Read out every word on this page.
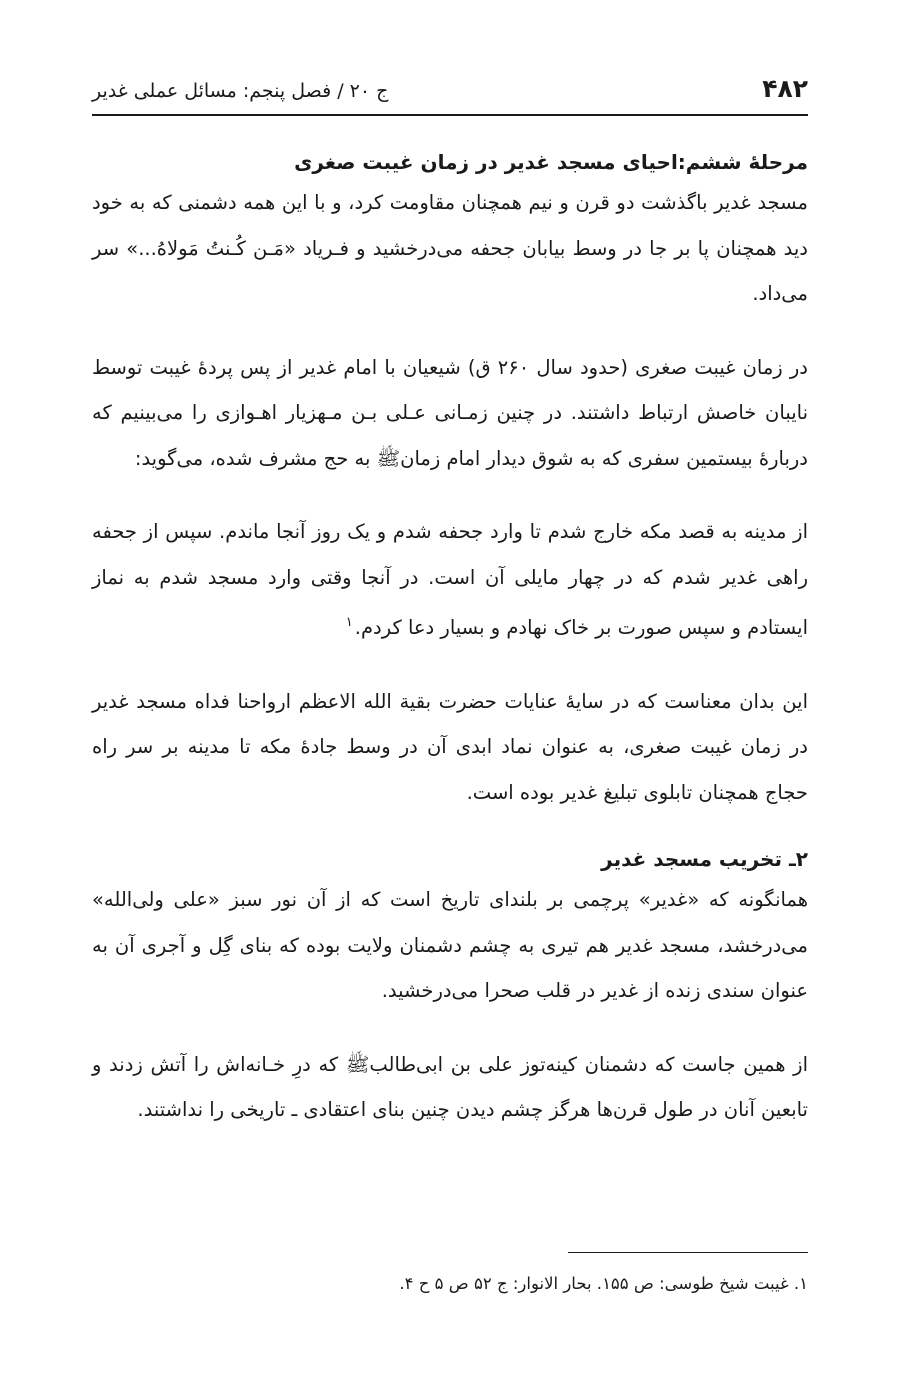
۴۸۲
ج ۲۰ / فصل پنجم: مسائل عملی غدیر
مرحلهٔ ششم:احیای مسجد غدیر در زمان غیبت صغری

مسجد غدیر باگذشت دو قرن و نیم همچنان مقاومت کرد، و با این همه دشمنی که به خود دید همچنان پا بر جا در وسط بیابان جحفه می‌درخشید و فـریاد «مَـن کُـنتُ مَولاهُ...» سر می‌داد.

در زمان غیبت صغری (حدود سال ۲۶۰ ق) شیعیان با امام غدیر از پس پردهٔ غیبت توسط نایبان خاصش ارتباط داشتند. در چنین زمـانی عـلی بـن مـهزیار اهـوازی را می‌بینیم که دربارهٔ بیستمین سفری که به شوق دیدار امام زمان‌ﷺ به حج مشرف شده، می‌گوید:

از مدینه به قصد مکه خارج شدم تا وارد جحفه شدم و یک روز آنجا ماندم. سپس از جحفه راهی غدیر شدم که در چهار مایلی آن است. در آنجا وقتی وارد مسجد شدم به نماز ایستادم و سپس صورت بر خاک نهادم و بسیار دعا کردم.$^۱$

این بدان معناست که در سایهٔ عنایات حضرت بقیة الله الاعظم ارواحنا فداه مسجد غدیر در زمان غیبت صغری، به عنوان نماد ابدی آن در وسط جادهٔ مکه تا مدینه بر سر راه حجاج همچنان تابلوی تبلیغ غدیر بوده است.

۲ـ تخریب مسجد غدیر

همانگونه که «غدیر» پرچمی بر بلندای تاریخ است که از آن نور سبز «علی ولی‌الله» می‌درخشد، مسجد غدیر هم تیری به چشم دشمنان ولایت بوده که بنای گِل و آجری آن به عنوان سندی زنده از غدیر در قلب صحرا می‌درخشید.

از همین جاست که دشمنان کینه‌توز علی بن ابی‌طالب‌ﷺ که درِ خـانه‌اش را آتش زدند و تابعین آنان در طول قرن‌ها هرگز چشم دیدن چنین بنای اعتقادی ـ تاریخی را نداشتند.

۱. غیبت شیخ طوسی: ص ۱۵۵. بحار الانوار: ج ۵۲ ص ۵ ح ۴.
